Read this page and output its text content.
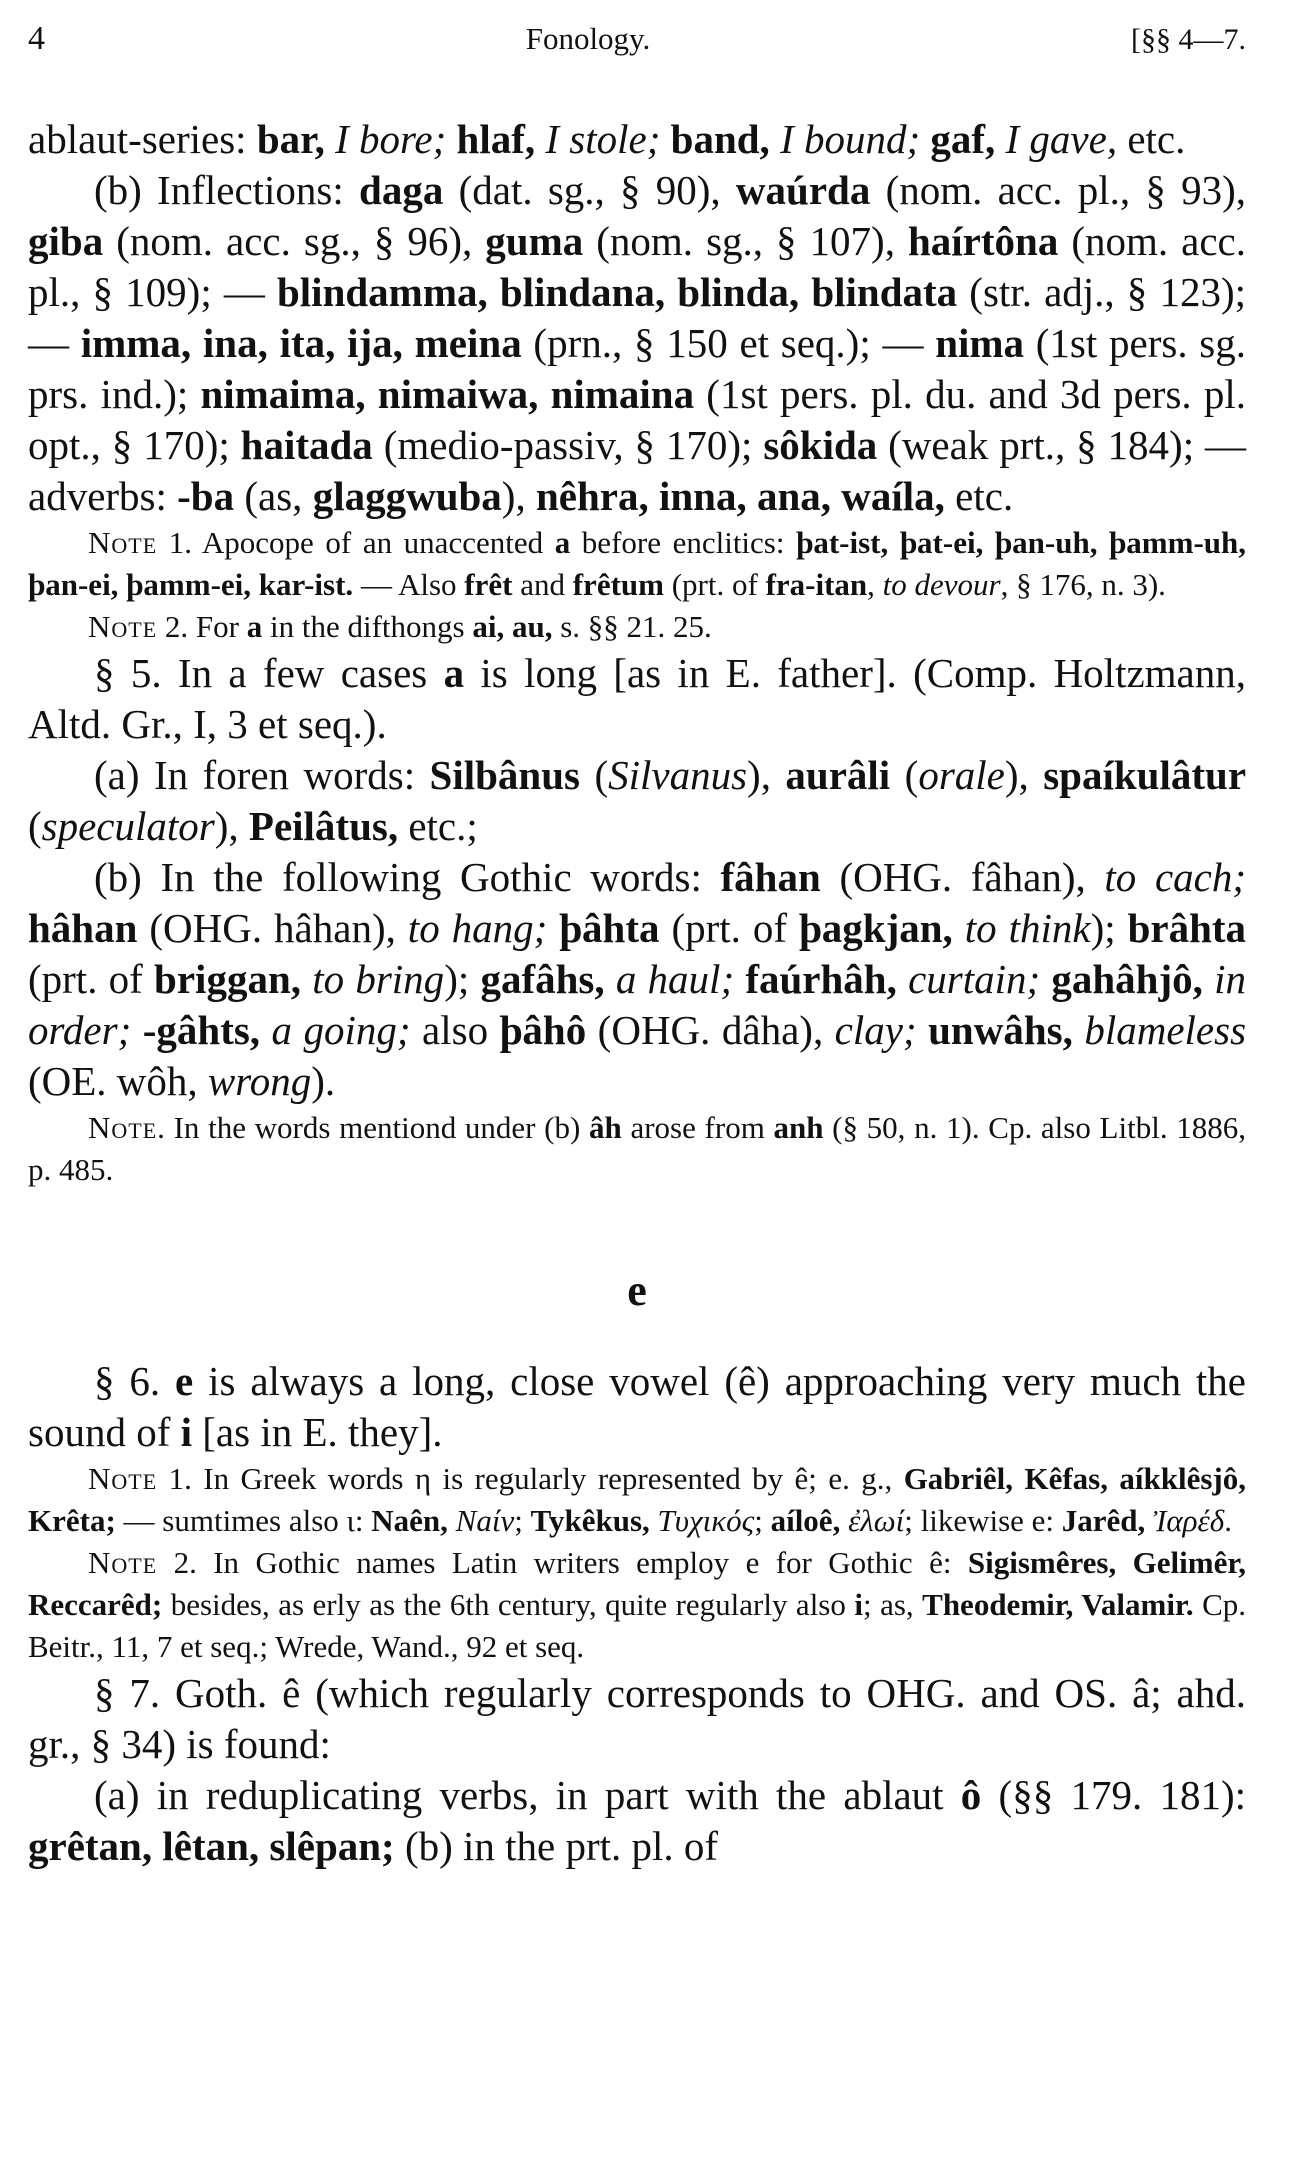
4	Fonology.	[§§ 4—7.

ablaut-series: bar, I bore; hlaf, I stole; band, I bound; gaf, I gave, etc.

(b) Inflections: daga (dat. sg., § 90), waúrda (nom. acc. pl., § 93), giba (nom. acc. sg., § 96), guma (nom. sg., § 107), haírtôna (nom. acc. pl., § 109); — blindamma, blindana, blinda, blindata (str. adj., § 123); — imma, ina, ita, ija, meina (prn., § 150 et seq.); — nima (1st pers. sg. prs. ind.); nimaima, nimaiwa, nimaina (1st pers. pl. du. and 3d pers. pl. opt., § 170); haitada (medio-passiv, § 170); sôkida (weak prt., § 184); — adverbs: -ba (as, glaggwuba), nêhra, inna, ana, waíla, etc.

Note 1. Apocope of an unaccented a before enclitics: þat-ist, þat-ei, þan-uh, þamm-uh, þan-ei, þamm-ei, kar-ist. — Also frêt and frêtum (prt. of fra-itan, to devour, § 176, n. 3).

Note 2. For a in the difthongs ai, au, s. §§ 21. 25.

§ 5. In a few cases a is long [as in E. father]. (Comp. Holtzmann, Altd. Gr., I, 3 et seq.).

(a) In foren words: Silbânus (Silvanus), aurâli (orale), spaíkulâtur (speculator), Peilâtus, etc.;

(b) In the following Gothic words: fâhan (OHG. fâhan), to cach; hâhan (OHG. hâhan), to hang; þâhta (prt. of þagkjan, to think); brâhta (prt. of briggan, to bring); gafâhs, a haul; faúrhâh, curtain; gahâhjô, in order; -gâhts, a going; also þâhô (OHG. dâha), clay; unwâhs, blameless (OE. wôh, wrong).

Note. In the words mentiond under (b) âh arose from anh (§ 50, n. 1). Cp. also Litbl. 1886, p. 485.

e

§ 6. e is always a long, close vowel (ê) approaching very much the sound of i [as in E. they].

Note 1. In Greek words η is regularly represented by ê; e. g., Gabriêl, Kêfas, aíkklêsjô, Krêta; — sumtimes also ι: Naên, Naίν; Tykêkus, Τυχικός; aíloê, ἐλωί; likewise e: Jarêd, Ἰαρέδ.

Note 2. In Gothic names Latin writers employ e for Gothic ê: Sigismêres, Gelimêr, Reccarêd; besides, as erly as the 6th century, quite regularly also i; as, Theodemir, Valamir. Cp. Beitr., 11, 7 et seq.; Wrede, Wand., 92 et seq.

§ 7. Goth. ê (which regularly corresponds to OHG. and OS. â; ahd. gr., § 34) is found:

(a) in reduplicating verbs, in part with the ablaut ô (§§ 179. 181): grêtan, lêtan, slêpan; (b) in the prt. pl. of
